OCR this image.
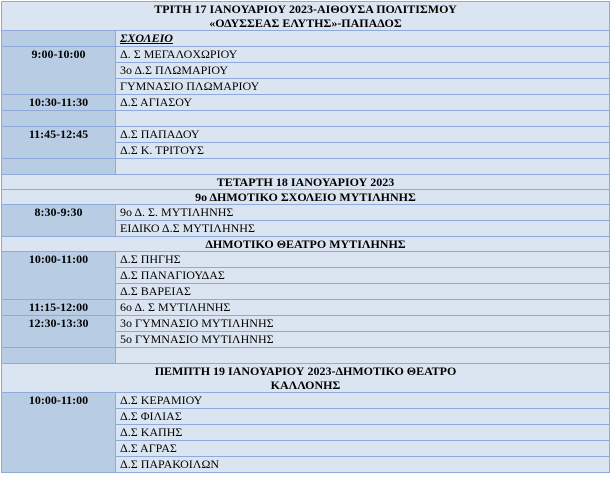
ΤΡΙΤΗ 17 ΙΑΝΟΥΑΡΙΟΥ 2023-ΑΙΘΟΥΣΑ ΠΟΛΙΤΙΣΜΟΥ
«ΟΔΥΣΣΕΑΣ ΕΛΥΤΗΣ»-ΠΑΠΑΔΟΣ	

	ΣΧΟΛΕΙΟ
9:00-10:00	Δ. Σ ΜΕΓΑΛΟΧΩΡΙΟΥ
	3ο Δ.Σ ΠΛΩΜΑΡΙΟΥ
	ΓΥΜΝΑΣΙΟ ΠΛΩΜΑΡΙΟΥ
10:30-11:30	Δ.Σ ΑΓΙΑΣΟΥ

11:45-12:45	Δ.Σ ΠΑΠΑΔΟΥ
	Δ.Σ Κ. ΤΡΙΤΟΥΣ

ΤΕΤΑΡΤΗ 18 ΙΑΝΟΥΑΡΙΟΥ 2023	
9ο ΔΗΜΟΤΙΚΟ ΣΧΟΛΕΙΟ ΜΥΤΙΛΗΝΗΣ	
8:30-9:30	9ο Δ. Σ. ΜΥΤΙΛΗΝΗΣ
	ΕΙΔΙΚΟ Δ.Σ ΜΥΤΙΛΗΝΗΣ
ΔΗΜΟΤΙΚΟ ΘΕΑΤΡΟ ΜΥΤΙΛΗΝΗΣ	
10:00-11:00	Δ.Σ ΠΗΓΗΣ
	Δ.Σ ΠΑΝΑΓΙΟΥΔΑΣ
	Δ.Σ ΒΑΡΕΙΑΣ
11:15-12:00	6ο Δ. Σ ΜΥΤΙΛΗΝΗΣ
12:30-13:30	3ο ΓΥΜΝΑΣΙΟ ΜΥΤΙΛΗΝΗΣ
	5ο ΓΥΜΝΑΣΙΟ ΜΥΤΙΛΗΝΗΣ

ΠΕΜΠΤΗ 19 ΙΑΝΟΥΑΡΙΟΥ 2023-ΔΗΜΟΤΙΚΟ ΘΕΑΤΡΟ
ΚΑΛΛΟΝΗΣ	

10:00-11:00	Δ.Σ ΚΕΡΑΜΙΟΥ
	Δ.Σ ΦΙΛΙΑΣ
	Δ.Σ ΚΑΠΗΣ
	Δ.Σ ΑΓΡΑΣ
	Δ.Σ ΠΑΡΑΚΟΙΛΩΝ
